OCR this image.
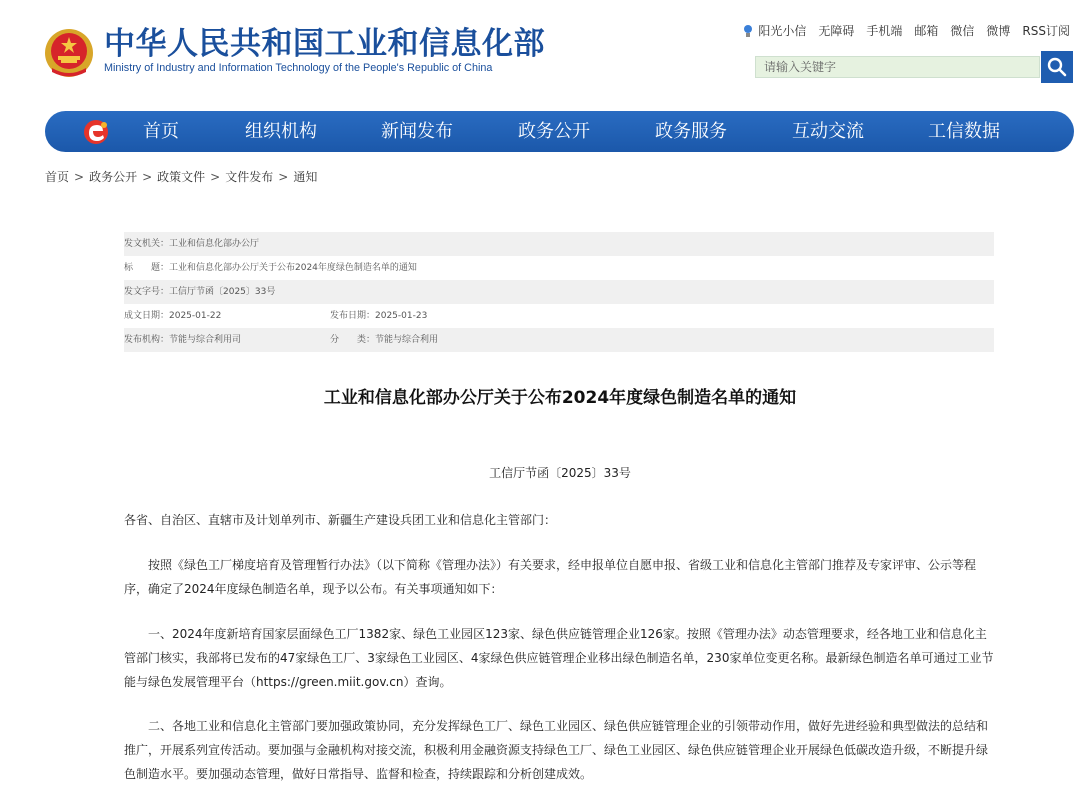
中华人民共和国工业和信息化部
Ministry of Industry and Information Technology of the People's Republic of China
阳光小信 无障碍 手机端 邮箱 微信 微博 RSS订阅
请输入关键字
首页	组织机构	新闻发布	政务公开	政务服务	互动交流	工信数据
首页 > 政务公开 > 政策文件 > 文件发布 > 通知
发文机关：工业和信息化部办公厅
标　　题：工业和信息化部办公厅关于公布2024年度绿色制造名单的通知
发文字号：工信厅节函〔2025〕33号
成文日期：2025-01-22	发布日期：2025-01-23
发布机构：节能与综合利用司	分　　类：节能与综合利用
工业和信息化部办公厅关于公布2024年度绿色制造名单的通知
工信厅节函〔2025〕33号

各省、自治区、直辖市及计划单列市、新疆生产建设兵团工业和信息化主管部门：

按照《绿色工厂梯度培育及管理暂行办法》（以下简称《管理办法》）有关要求，经申报单位自愿申报、省级工业和信息化主管部门推荐及专家评审、公示等程序，确定了2024年度绿色制造名单，现予以公布。有关事项通知如下：

一、2024年度新培育国家层面绿色工厂1382家、绿色工业园区123家、绿色供应链管理企业126家。按照《管理办法》动态管理要求，经各地工业和信息化主管部门核实，我部将已发布的47家绿色工厂、3家绿色工业园区、4家绿色供应链管理企业移出绿色制造名单，230家单位变更名称。最新绿色制造名单可通过工业节能与绿色发展管理平台（https://green.miit.gov.cn）查询。

二、各地工业和信息化主管部门要加强政策协同，充分发挥绿色工厂、绿色工业园区、绿色供应链管理企业的引领带动作用，做好先进经验和典型做法的总结和推广，开展系列宣传活动。要加强与金融机构对接交流，积极利用金融资源支持绿色工厂、绿色工业园区、绿色供应链管理企业开展绿色低碳改造升级，不断提升绿色制造水平。要加强动态管理，做好日常指导、监督和检查，持续跟踪和分析创建成效。
